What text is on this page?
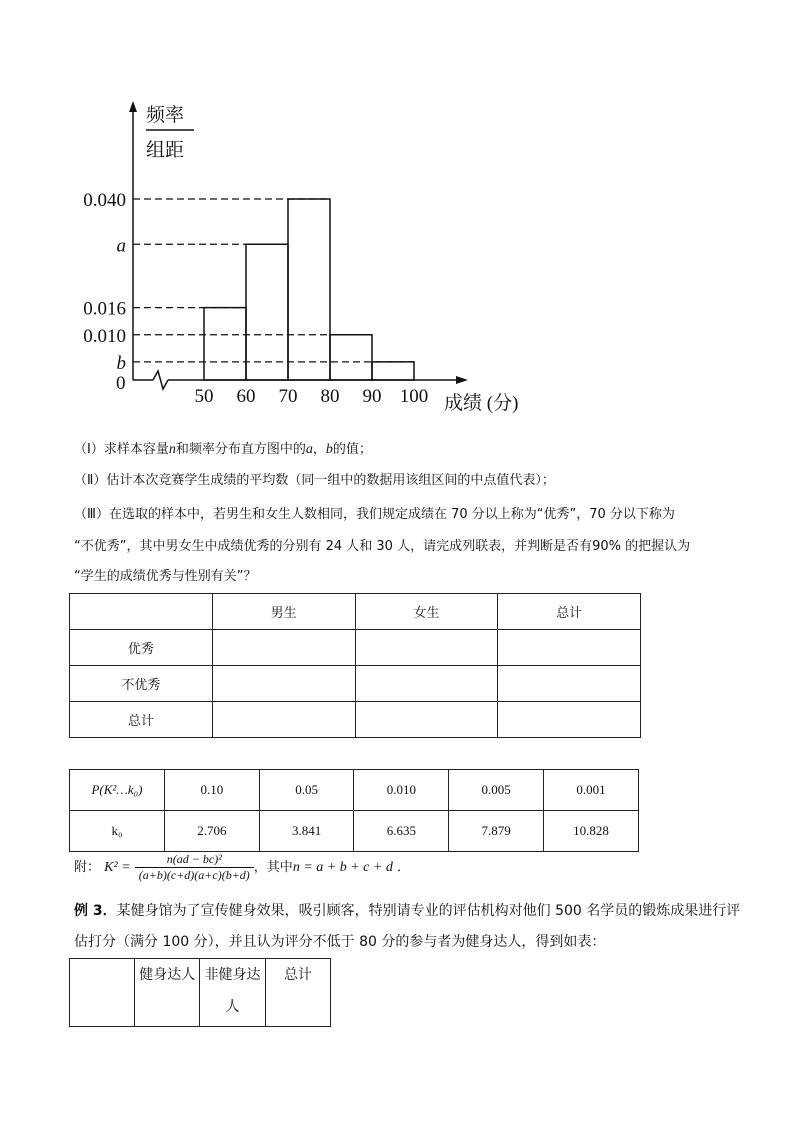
频率
组距
0
成绩 (分)
0.040
a
0.016
0.010
b
50 60 70 80 90 100
（Ⅰ）求样本容量n和频率分布直方图中的a，b的值；
（Ⅱ）估计本次竞赛学生成绩的平均数（同一组中的数据用该组区间的中点值代表）；
（Ⅲ）在选取的样本中，若男生和女生人数相同，我们规定成绩在 70 分以上称为“优秀”，70 分以下称为
“不优秀”，其中男女生中成绩优秀的分别有 24 人和 30 人，请完成列联表，并判断是否有90% 的把握认为
“学生的成绩优秀与性别有关”？
	男生	女生	总计
优秀			
不优秀			
总计			
P(K²…k₀)	0.10	0.05	0.010	0.005	0.001
k₀	2.706	3.841	6.635	7.879	10.828
附： $K^2 = \frac{\text{n(ad − bc)²}}{(a+b)(c+d)(a+c)(b+d)}$ ，其中n = a + b + c + d ．
例 3．某健身馆为了宣传健身效果，吸引顾客，特别请专业的评估机构对他们 500 名学员的锻炼成果进行评
估打分（满分 100 分），并且认为评分不低于 80 分的参与者为健身达人，得到如表：
	健身达人	非健身达人	总计
